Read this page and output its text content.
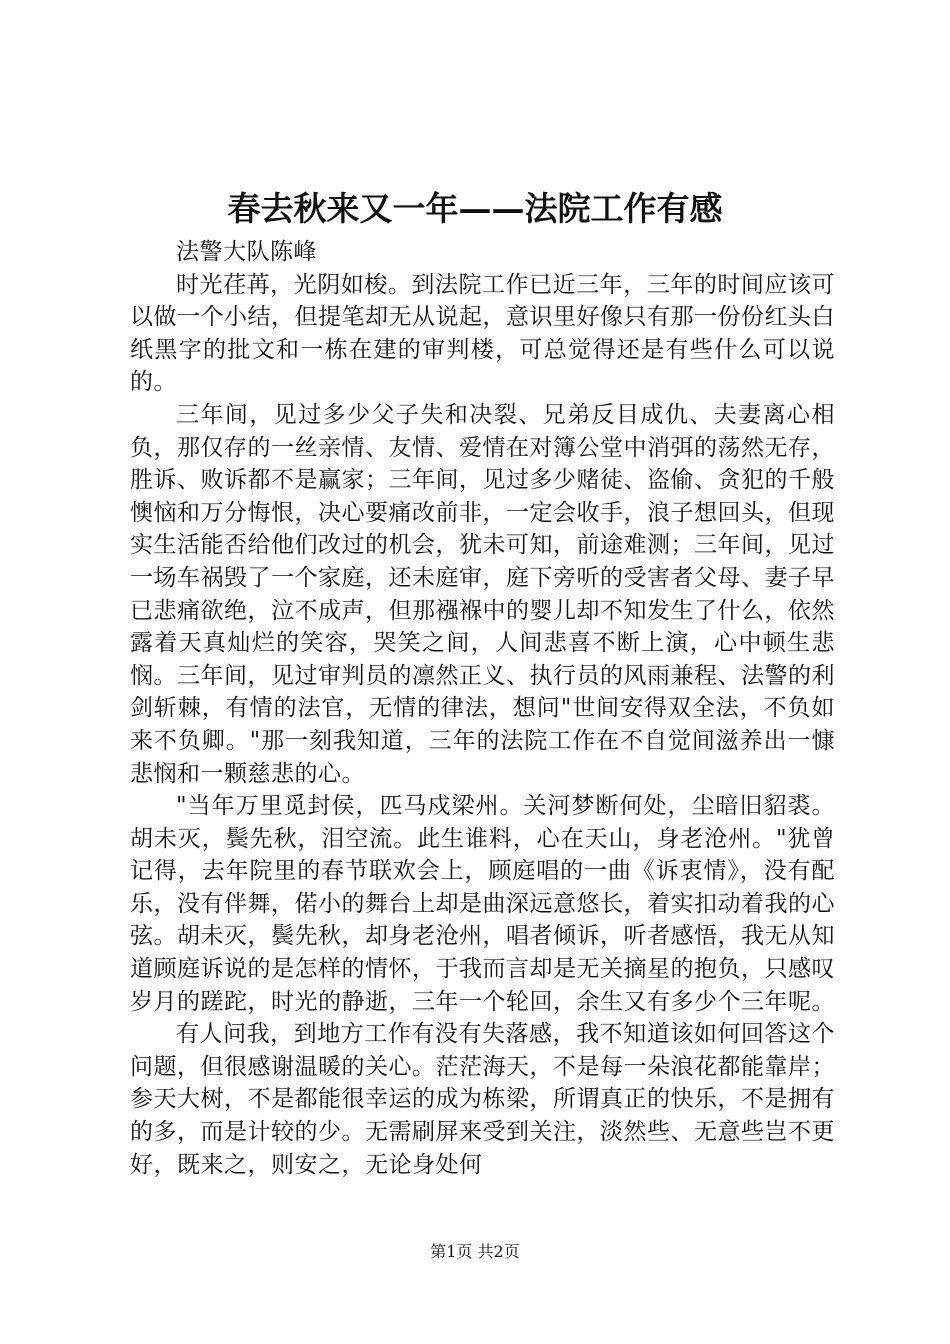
春去秋来又一年——法院工作有感
法警大队陈峰

时光荏苒，光阴如梭。到法院工作已近三年，三年的时间应该可以做一个小结，但提笔却无从说起，意识里好像只有那一份份红头白纸黑字的批文和一栋在建的审判楼，可总觉得还是有些什么可以说的。

三年间，见过多少父子失和决裂、兄弟反目成仇、夫妻离心相负，那仅存的一丝亲情、友情、爱情在对簿公堂中消弭的荡然无存，胜诉、败诉都不是赢家；三年间，见过多少赌徒、盗偷、贪犯的千般懊恼和万分悔恨，决心要痛改前非，一定会收手，浪子想回头，但现实生活能否给他们改过的机会，犹未可知，前途难测；三年间，见过一场车祸毁了一个家庭，还未庭审，庭下旁听的受害者父母、妻子早已悲痛欲绝，泣不成声，但那襁褓中的婴儿却不知发生了什么，依然露着天真灿烂的笑容，哭笑之间，人间悲喜不断上演，心中顿生悲悯。三年间，见过审判员的凛然正义、执行员的风雨兼程、法警的利剑斩棘，有情的法官，无情的律法，想问"世间安得双全法，不负如来不负卿。"那一刻我知道，三年的法院工作在不自觉间滋养出一慷悲悯和一颗慈悲的心。

"当年万里觅封侯，匹马戍梁州。关河梦断何处，尘暗旧貂裘。胡未灭，鬓先秋，泪空流。此生谁料，心在天山，身老沧州。"犹曾记得，去年院里的春节联欢会上，顾庭唱的一曲《诉衷情》，没有配乐，没有伴舞，偌小的舞台上却是曲深远意悠长，着实扣动着我的心弦。胡未灭，鬓先秋，却身老沧州，唱者倾诉，听者感悟，我无从知道顾庭诉说的是怎样的情怀，于我而言却是无关摘星的抱负，只感叹岁月的蹉跎，时光的静逝，三年一个轮回，余生又有多少个三年呢。

有人问我，到地方工作有没有失落感，我不知道该如何回答这个问题，但很感谢温暖的关心。茫茫海天，不是每一朵浪花都能靠岸；参天大树，不是都能很幸运的成为栋梁，所谓真正的快乐，不是拥有的多，而是计较的少。无需刷屏来受到关注，淡然些、无意些岂不更好，既来之，则安之，无论身处何

第1页 共2页
